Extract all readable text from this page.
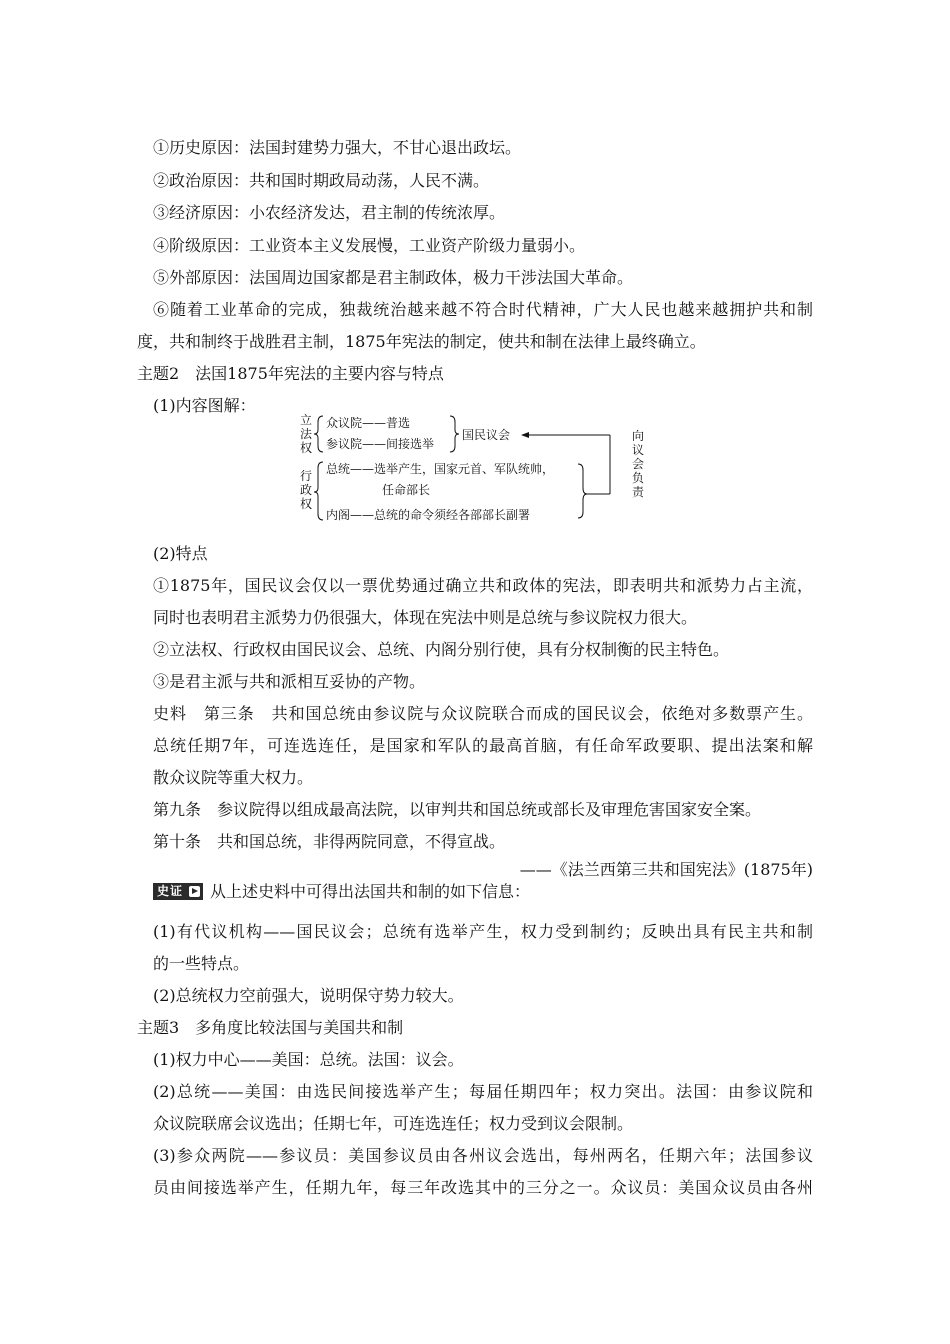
①历史原因：法国封建势力强大，不甘心退出政坛。
②政治原因：共和国时期政局动荡，人民不满。
③经济原因：小农经济发达，君主制的传统浓厚。
④阶级原因：工业资本主义发展慢，工业资产阶级力量弱小。
⑤外部原因：法国周边国家都是君主制政体，极力干涉法国大革命。
⑥随着工业革命的完成，独裁统治越来越不符合时代精神，广大人民也越来越拥护共和制
度，共和制终于战胜君主制，1875年宪法的制定，使共和制在法律上最终确立。
主题2　法国1875年宪法的主要内容与特点
(1)内容图解：
立法权
行政权
向议会负责
众议院——普选
参议院——间接选举
国民议会
总统——选举产生，国家元首、军队统帅，
任命部长
内阁——总统的命令须经各部部长副署
(2)特点
①1875年，国民议会仅以一票优势通过确立共和政体的宪法，即表明共和派势力占主流，
同时也表明君主派势力仍很强大，体现在宪法中则是总统与参议院权力很大。
②立法权、行政权由国民议会、总统、内阁分别行使，具有分权制衡的民主特色。
③是君主派与共和派相互妥协的产物。
史料　第三条　共和国总统由参议院与众议院联合而成的国民议会，依绝对多数票产生。
总统任期7年，可连选连任，是国家和军队的最高首脑，有任命军政要职、提出法案和解
散众议院等重大权力。
第九条　参议院得以组成最高法院，以审判共和国总统或部长及审理危害国家安全案。
第十条　共和国总统，非得两院同意，不得宣战。
——《法兰西第三共和国宪法》(1875年)
史证	从上述史料中可得出法国共和制的如下信息：
(1)有代议机构——国民议会；总统有选举产生，权力受到制约；反映出具有民主共和制
的一些特点。
(2)总统权力空前强大，说明保守势力较大。
主题3　多角度比较法国与美国共和制
(1)权力中心——美国：总统。法国：议会。
(2)总统——美国：由选民间接选举产生；每届任期四年；权力突出。法国：由参议院和
众议院联席会议选出；任期七年，可连选连任；权力受到议会限制。
(3)参众两院——参议员：美国参议员由各州议会选出，每州两名，任期六年；法国参议
员由间接选举产生，任期九年，每三年改选其中的三分之一。众议员：美国众议员由各州
